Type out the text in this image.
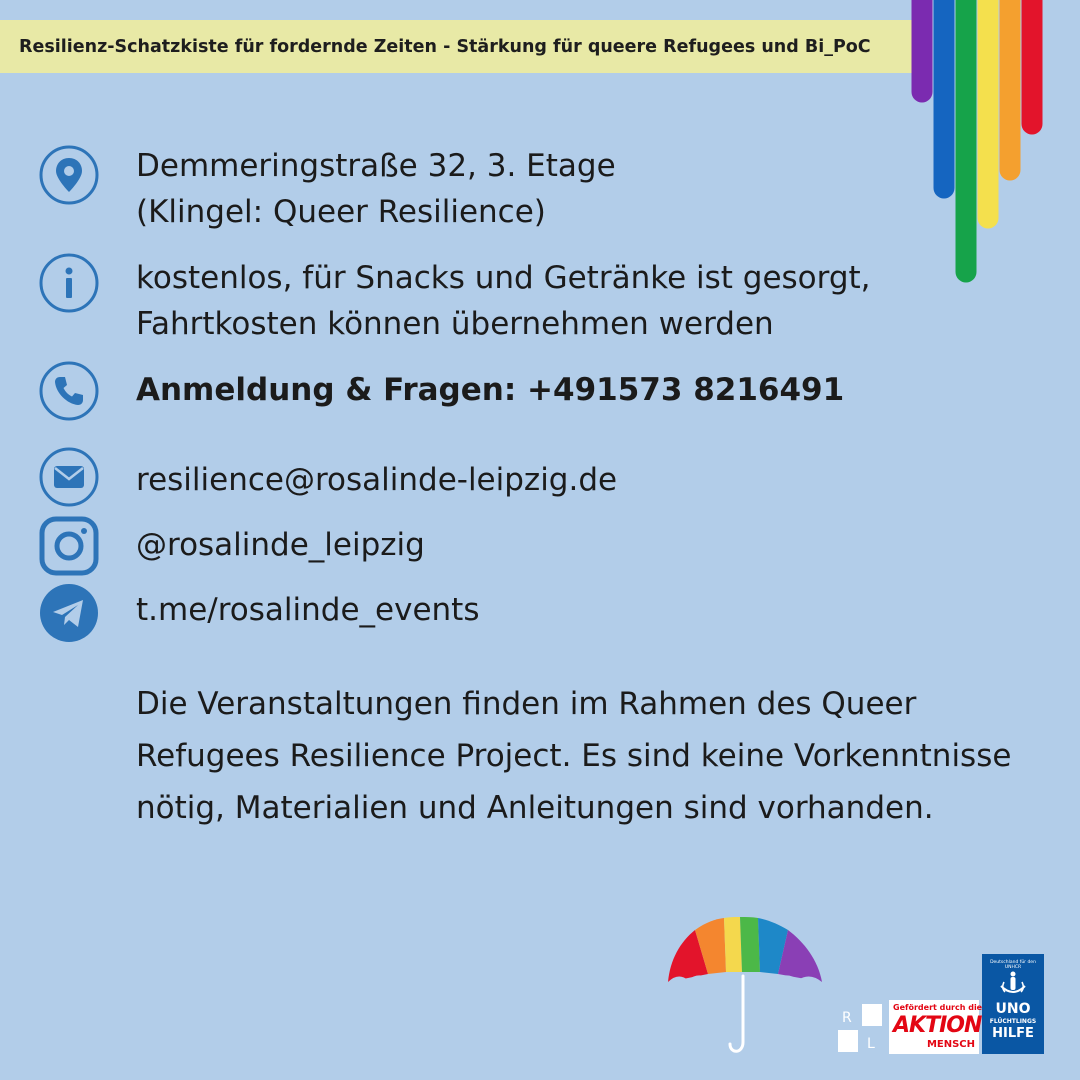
Resilienz-Schatzkiste für fordernde Zeiten - Stärkung für queere Refugees und Bi_PoC
Demmeringstraße 32, 3. Etage
(Klingel: Queer Resilience)
kostenlos, für Snacks und Getränke ist gesorgt,
Fahrtkosten können übernehmen werden
Anmeldung & Fragen: +491573 8216491
resilience@rosalinde-leipzig.de
@rosalinde_leipzig
t.me/rosalinde_events
Die Veranstaltungen finden im Rahmen des Queer
Refugees Resilience Project. Es sind keine Vorkenntnisse
nötig, Materialien und Anleitungen sind vorhanden.
R
L
Gefördert durch die
AKTION
MENSCH
Deutschland für den UNHCR
UNO
FLÜCHTLINGS
HILFE
